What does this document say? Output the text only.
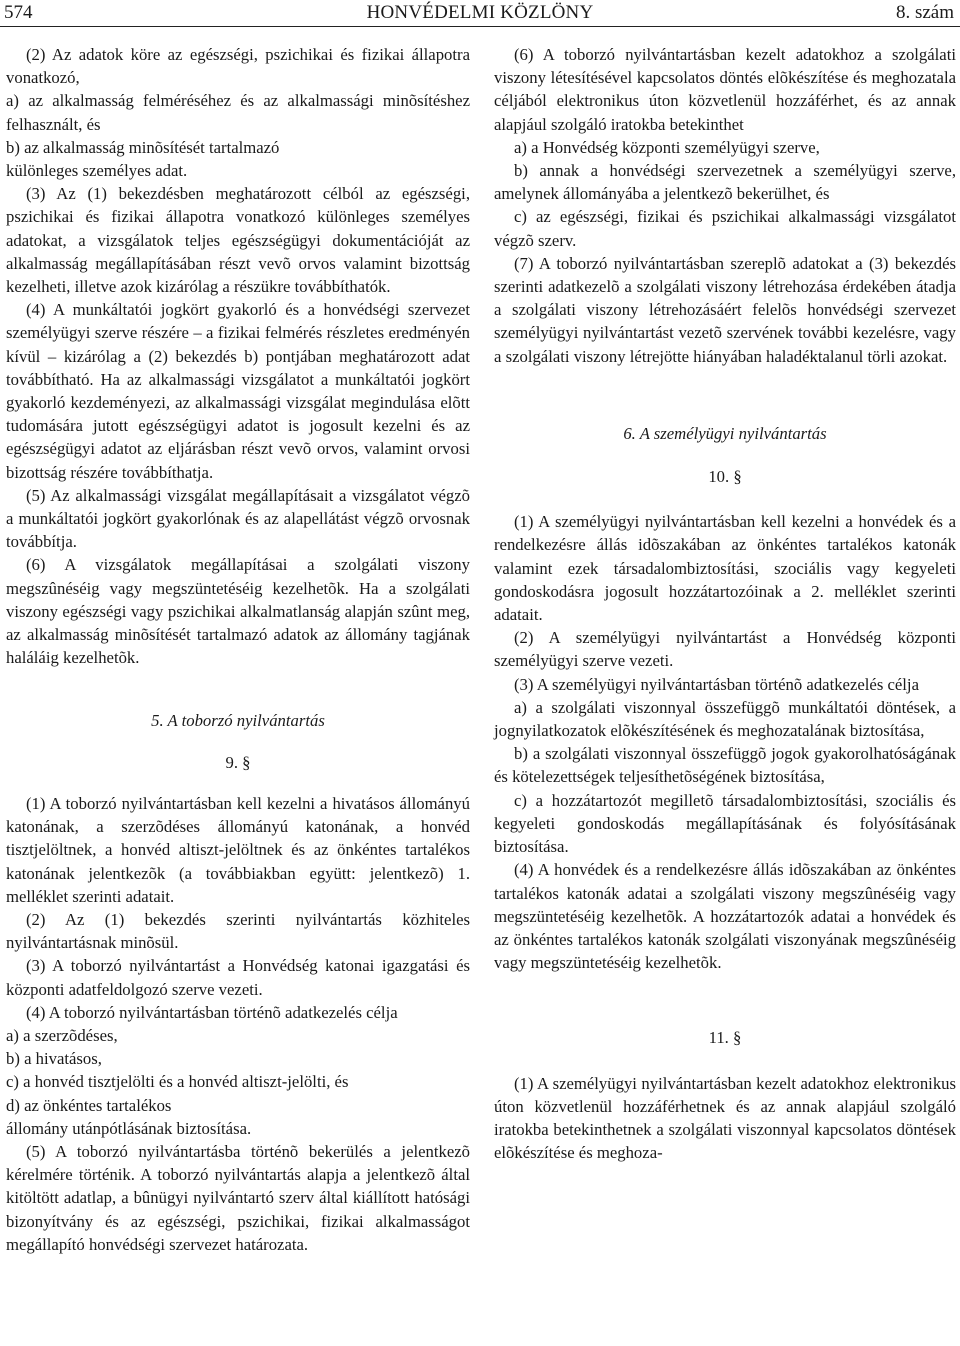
574	HONVÉDELMI KÖZLÖNY	8. szám

(2) Az adatok köre az egészségi, pszichikai és fizikai állapotra vonatkozó,

a) az alkalmasság felméréséhez és az alkalmassági minõsítéshez felhasznált, és

b) az alkalmasság minõsítését tartalmazó

különleges személyes adat.

(3) Az (1) bekezdésben meghatározott célból az egészségi, pszichikai és fizikai állapotra vonatkozó különleges személyes adatokat, a vizsgálatok teljes egészségügyi dokumentációját az alkalmasság megállapításában részt vevõ orvos valamint bizottság kezelheti, illetve azok kizárólag a részükre továbbíthatók.

(4) A munkáltatói jogkört gyakorló és a honvédségi szervezet személyügyi szerve részére – a fizikai felmérés részletes eredményén kívül – kizárólag a (2) bekezdés b) pontjában meghatározott adat továbbítható. Ha az alkalmassági vizsgálatot a munkáltatói jogkört gyakorló kezdeményezi, az alkalmassági vizsgálat megindulása elõtt tudomására jutott egészségügyi adatot is jogosult kezelni és az egészségügyi adatot az eljárásban részt vevõ orvos, valamint orvosi bizottság részére továbbíthatja.

(5) Az alkalmassági vizsgálat megállapításait a vizsgálatot végzõ a munkáltatói jogkört gyakorlónak és az alapellátást végzõ orvosnak továbbítja.

(6) A vizsgálatok megállapításai a szolgálati viszony megszûnéséig vagy megszüntetéséig kezelhetõk. Ha a szolgálati viszony egészségi vagy pszichikai alkalmatlanság alapján szûnt meg, az alkalmasság minõsítését tartalmazó adatok az állomány tagjának haláláig kezelhetõk.

5. A toborzó nyilvántartás

9. §

(1) A toborzó nyilvántartásban kell kezelni a hivatásos állományú katonának, a szerzõdéses állományú katonának, a honvéd tisztjelöltnek, a honvéd altiszt-jelöltnek és az önkéntes tartalékos katonának jelentkezõk (a továbbiakban együtt: jelentkezõ) 1. melléklet szerinti adatait.

(2) Az (1) bekezdés szerinti nyilvántartás közhiteles nyilvántartásnak minõsül.

(3) A toborzó nyilvántartást a Honvédség katonai igazgatási és központi adatfeldolgozó szerve vezeti.

(4) A toborzó nyilvántartásban történõ adatkezelés célja

a) a szerzõdéses,

b) a hivatásos,

c) a honvéd tisztjelölti és a honvéd altiszt-jelölti, és

d) az önkéntes tartalékos

állomány utánpótlásának biztosítása.

(5) A toborzó nyilvántartásba történõ bekerülés a jelentkezõ kérelmére történik. A toborzó nyilvántartás alapja a jelentkezõ által kitöltött adatlap, a bûnügyi nyilvántartó szerv által kiállított hatósági bizonyítvány és az egészségi, pszichikai, fizikai alkalmasságot megállapító honvédségi szervezet határozata.

(6) A toborzó nyilvántartásban kezelt adatokhoz a szolgálati viszony létesítésével kapcsolatos döntés elõkészítése és meghozatala céljából elektronikus úton közvetlenül hozzáférhet, és az annak alapjául szolgáló iratokba betekinthet

a) a Honvédség központi személyügyi szerve,

b) annak a honvédségi szervezetnek a személyügyi szerve, amelynek állományába a jelentkezõ bekerülhet, és

c) az egészségi, fizikai és pszichikai alkalmassági vizsgálatot végzõ szerv.

(7) A toborzó nyilvántartásban szereplõ adatokat a (3) bekezdés szerinti adatkezelõ a szolgálati viszony létrehozása érdekében átadja a szolgálati viszony létrehozásáért felelõs honvédségi szervezet személyügyi nyilvántartást vezetõ szervének további kezelésre, vagy a szolgálati viszony létrejötte hiányában haladéktalanul törli azokat.

6. A személyügyi nyilvántartás

10. §

(1) A személyügyi nyilvántartásban kell kezelni a honvédek és a rendelkezésre állás idõszakában az önkéntes tartalékos katonák valamint ezek társadalombiztosítási, szociális vagy kegyeleti gondoskodásra jogosult hozzátartozóinak a 2. melléklet szerinti adatait.

(2) A személyügyi nyilvántartást a Honvédség központi személyügyi szerve vezeti.

(3) A személyügyi nyilvántartásban történõ adatkezelés célja

a) a szolgálati viszonnyal összefüggõ munkáltatói döntések, a jognyilatkozatok elõkészítésének és meghozatalának biztosítása,

b) a szolgálati viszonnyal összefüggõ jogok gyakorolhatóságának és kötelezettségek teljesíthetõségének biztosítása,

c) a hozzátartozót megilletõ társadalombiztosítási, szociális és kegyeleti gondoskodás megállapításának és folyósításának biztosítása.

(4) A honvédek és a rendelkezésre állás idõszakában az önkéntes tartalékos katonák adatai a szolgálati viszony megszûnéséig vagy megszüntetéséig kezelhetõk. A hozzátartozók adatai a honvédek és az önkéntes tartalékos katonák szolgálati viszonyának megszûnéséig vagy megszüntetéséig kezelhetõk.

11. §

(1) A személyügyi nyilvántartásban kezelt adatokhoz elektronikus úton közvetlenül hozzáférhetnek és az annak alapjául szolgáló iratokba betekinthetnek a szolgálati viszonnyal kapcsolatos döntések elõkészítése és meghoza-
